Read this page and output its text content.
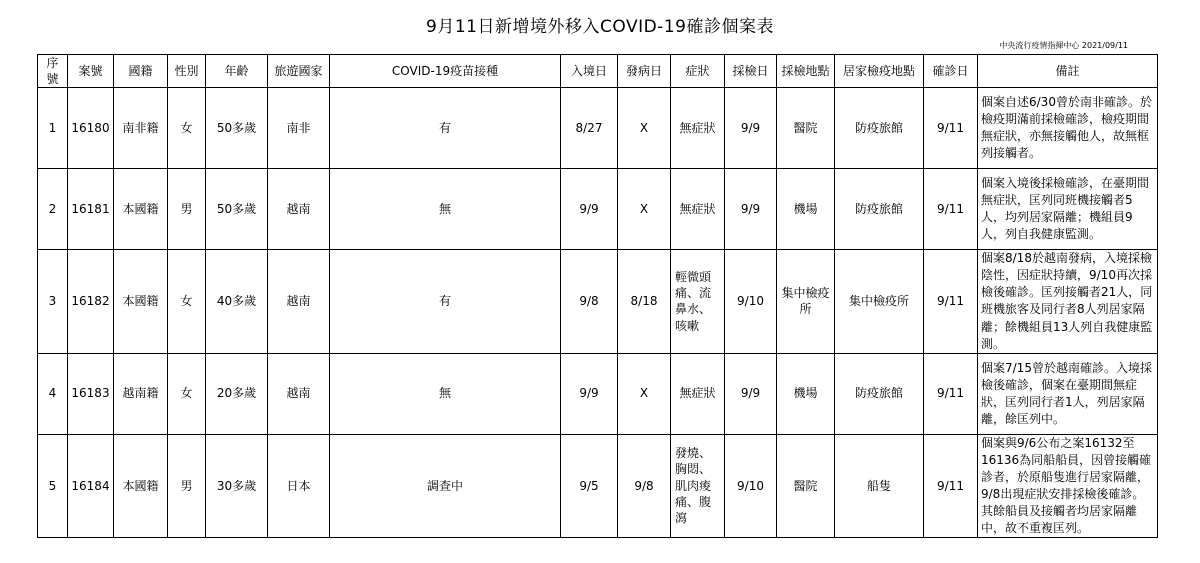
9月11日新增境外移入COVID-19確診個案表
中央流行疫情指揮中心 2021/09/11
序號	案號	國籍	性別	年齡	旅遊國家	COVID-19疫苗接種	入境日	發病日	症狀	採檢日	採檢地點	居家檢疫地點	確診日	備註
1	16180	南非籍	女	50多歲	南非	有	8/27	X	無症狀	9/9	醫院	防疫旅館	9/11	個案自述6/30曾於南非確診。於檢疫期滿前採檢確診，檢疫期間無症狀，亦無接觸他人，故無框列接觸者。
2	16181	本國籍	男	50多歲	越南	無	9/9	X	無症狀	9/9	機場	防疫旅館	9/11	個案入境後採檢確診，在臺期間無症狀，匡列同班機接觸者5人，均列居家隔離；機組員9人，列自我健康監測。
3	16182	本國籍	女	40多歲	越南	有	9/8	8/18	輕微頭痛、流鼻水、咳嗽	9/10	集中檢疫所	集中檢疫所	9/11	個案8/18於越南發病，入境採檢陰性，因症狀持續，9/10再次採檢後確診。匡列接觸者21人，同班機旅客及同行者8人列居家隔離；餘機組員13人列自我健康監測。
4	16183	越南籍	女	20多歲	越南	無	9/9	X	無症狀	9/9	機場	防疫旅館	9/11	個案7/15曾於越南確診。入境採檢後確診，個案在臺期間無症狀，匡列同行者1人，列居家隔離，餘匡列中。
5	16184	本國籍	男	30多歲	日本	調查中	9/5	9/8	發燒、胸悶、肌肉痠痛、腹瀉	9/10	醫院	船隻	9/11	個案與9/6公布之案16132至16136為同船船員，因曾接觸確診者，於原船隻進行居家隔離，9/8出現症狀安排採檢後確診。其餘船員及接觸者均居家隔離中，故不重複匡列。
